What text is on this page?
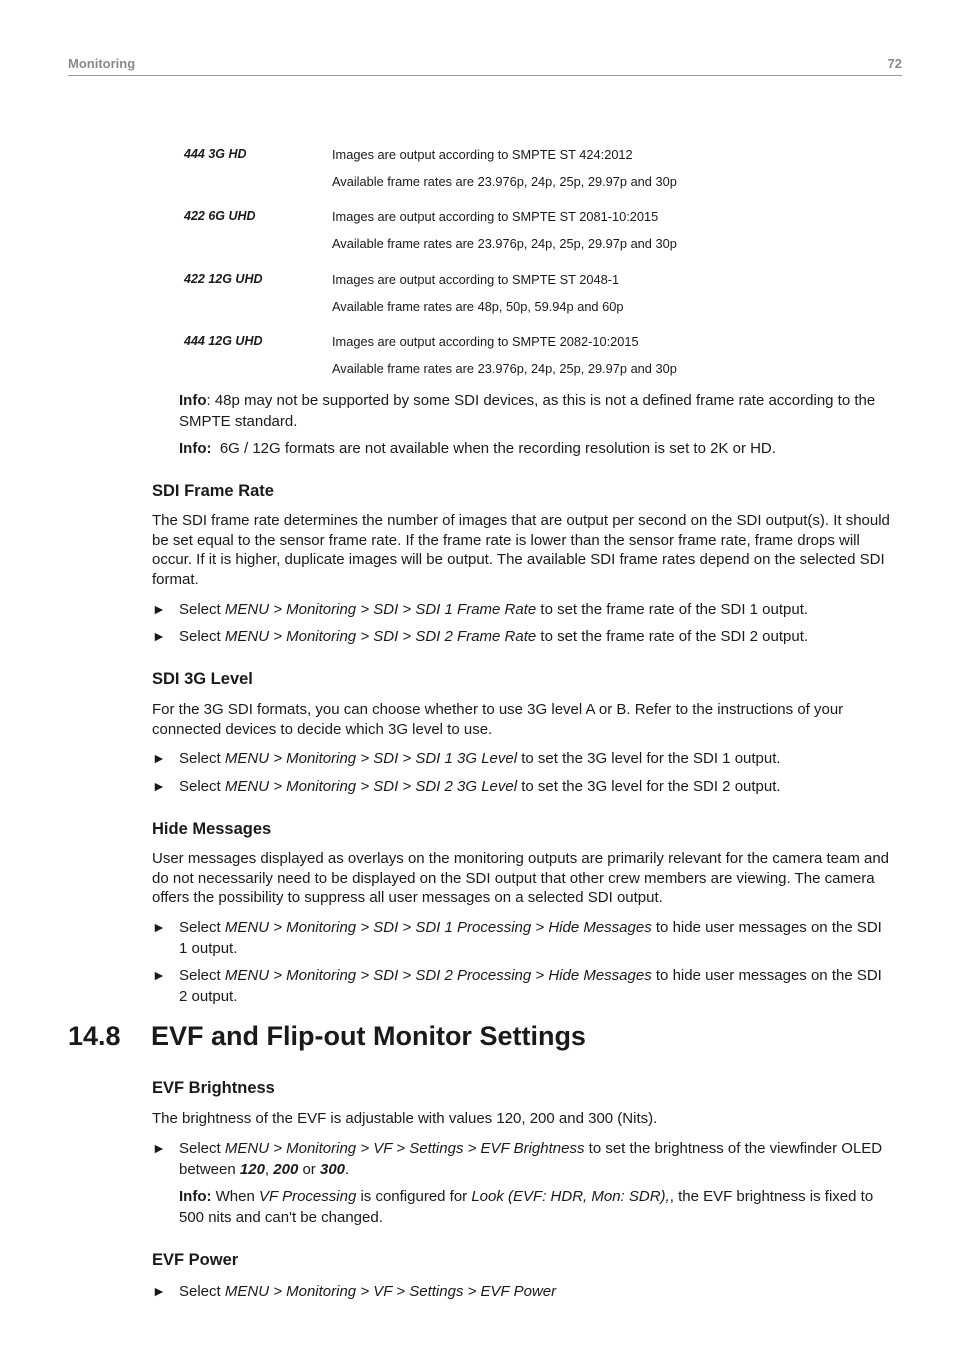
Monitoring	72
444 3G HD	Images are output according to SMPTE ST 424:2012
Available frame rates are 23.976p, 24p, 25p, 29.97p and 30p
422 6G UHD	Images are output according to SMPTE ST 2081-10:2015
Available frame rates are 23.976p, 24p, 25p, 29.97p and 30p
422 12G UHD	Images are output according to SMPTE ST 2048-1
Available frame rates are 48p, 50p, 59.94p and 60p
444 12G UHD	Images are output according to SMPTE 2082-10:2015
Available frame rates are 23.976p, 24p, 25p, 29.97p and 30p
Info: 48p may not be supported by some SDI devices, as this is not a defined frame rate according to the SMPTE standard.
Info:  6G / 12G formats are not available when the recording resolution is set to 2K or HD.
SDI Frame Rate
The SDI frame rate determines the number of images that are output per second on the SDI output(s). It should be set equal to the sensor frame rate. If the frame rate is lower than the sensor frame rate, frame drops will occur. If it is higher, duplicate images will be output. The available SDI frame rates depend on the selected SDI format.
► Select MENU > Monitoring > SDI > SDI 1 Frame Rate to set the frame rate of the SDI 1 output.
► Select MENU > Monitoring > SDI > SDI 2 Frame Rate to set the frame rate of the SDI 2 output.
SDI 3G Level
For the 3G SDI formats, you can choose whether to use 3G level A or B. Refer to the instructions of your connected devices to decide which 3G level to use.
► Select MENU > Monitoring > SDI > SDI 1 3G Level to set the 3G level for the SDI 1 output.
► Select MENU > Monitoring > SDI > SDI 2 3G Level to set the 3G level for the SDI 2 output.
Hide Messages
User messages displayed as overlays on the monitoring outputs are primarily relevant for the camera team and do not necessarily need to be displayed on the SDI output that other crew members are viewing. The camera offers the possibility to suppress all user messages on a selected SDI output.
► Select MENU > Monitoring > SDI > SDI 1 Processing > Hide Messages to hide user messages on the SDI 1 output.
► Select MENU > Monitoring > SDI > SDI 2 Processing > Hide Messages to hide user messages on the SDI 2 output.
14.8 EVF and Flip-out Monitor Settings
EVF Brightness
The brightness of the EVF is adjustable with values 120, 200 and 300 (Nits).
► Select MENU > Monitoring > VF > Settings > EVF Brightness to set the brightness of the viewfinder OLED between 120, 200 or 300.
Info: When VF Processing is configured for Look (EVF: HDR, Mon: SDR),, the EVF brightness is fixed to 500 nits and can't be changed.
EVF Power
► Select MENU > Monitoring > VF > Settings > EVF Power
